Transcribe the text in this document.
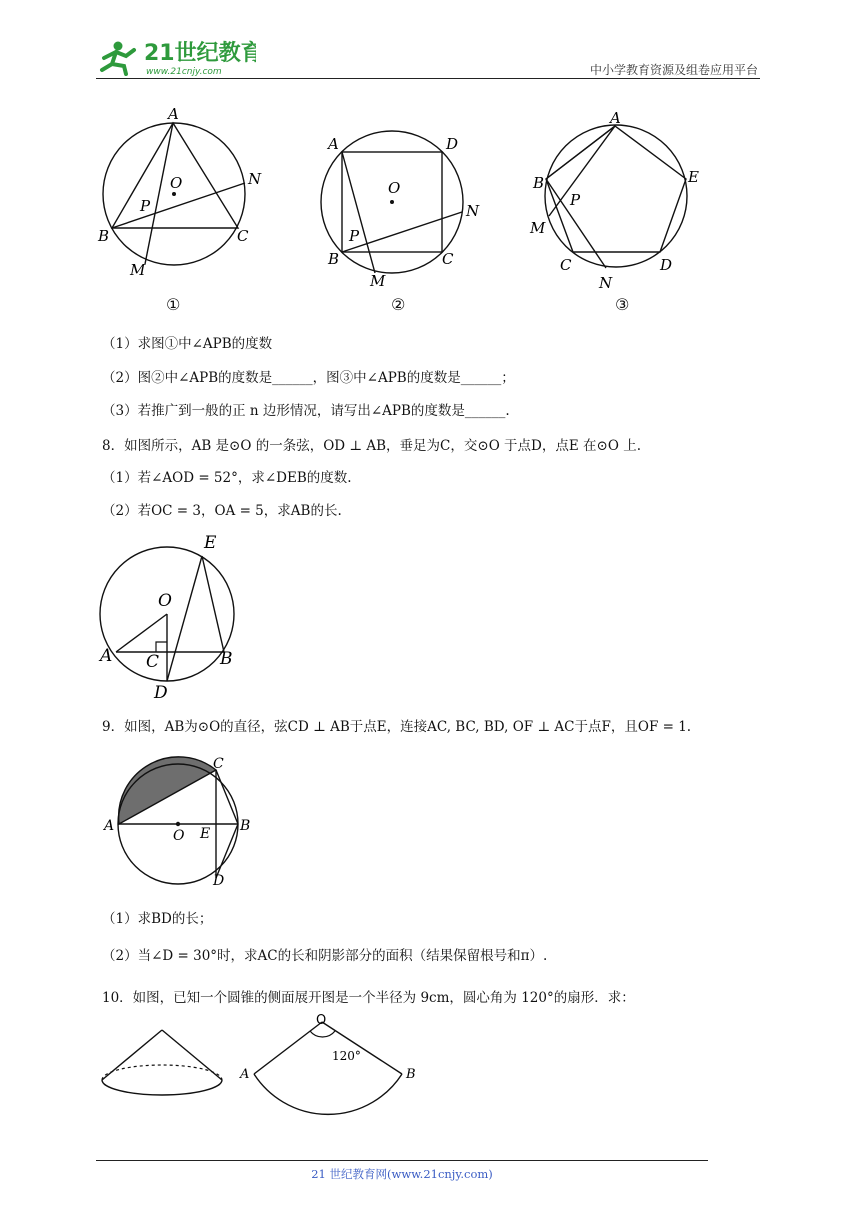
21世纪教育
www.21cnjy.com	中小学教育资源及组卷应用平台
A
O	N
P
B	C
M
A	D
O
N
P
B	C
M
A
B	E
P
M
C	D
N
①	②	③
（1）求图①中∠APB的度数
（2）图②中∠APB的度数是______，图③中∠APB的度数是______；
（3）若推广到一般的正 n 边形情况，请写出∠APB的度数是______.
8．如图所示，AB 是⊙O 的一条弦，OD ⊥ AB，垂足为C，交⊙O 于点D，点E 在⊙O 上.
（1）若∠AOD = 52°，求∠DEB的度数.
（2）若OC = 3，OA = 5，求AB的长.
E
O
A C	B
D
9．如图，AB为⊙O的直径，弦CD ⊥ AB于点E，连接AC, BC, BD, OF ⊥ AC于点F，且OF = 1.
C
F
A
O E B
D
（1）求BD的长；
（2）当∠D = 30°时，求AC的长和阴影部分的面积（结果保留根号和π）.
10．如图，已知一个圆锥的侧面展开图是一个半径为 9cm，圆心角为 120°的扇形．求：
O
A	B
120°
21 世纪教育网(www.21cnjy.com)
